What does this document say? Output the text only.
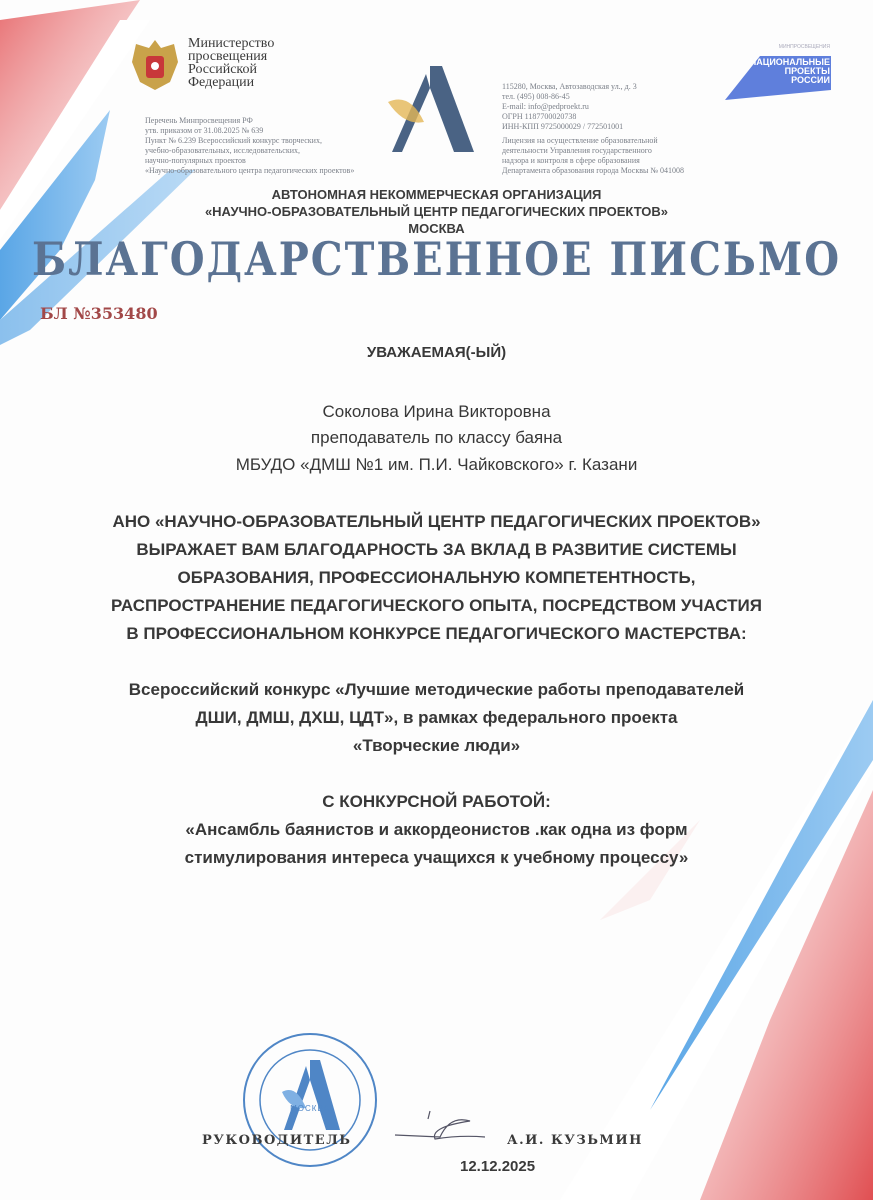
Министерство
просвещения
Российской
Федерации
Перечень Минпросвещения РФ
утв. приказом от 31.08.2025 № 639
Пункт № 6.239 Всероссийский конкурс творческих,
учебно-образовательных, исследовательских,
научно-популярных проектов
«Научно-образовательного центра педагогических проектов»
115280, Москва, Автозаводская ул., д. 3
тел. (495) 008-86-45
E-mail: info@pedproekt.ru
ОГРН 1187700020738
ИНН-КПП 9725000029 / 772501001
Лицензия на осуществление образовательной
деятельности Управления государственного
надзора и контроля в сфере образования
Департамента образования города Москвы № 041008
МИНПРОСВЕЩЕНИЯ
НАЦИОНАЛЬНЫЕ
ПРОЕКТЫ
РОССИИ
АВТОНОМНАЯ НЕКОММЕРЧЕСКАЯ ОРГАНИЗАЦИЯ
«НАУЧНО-ОБРАЗОВАТЕЛЬНЫЙ ЦЕНТР ПЕДАГОГИЧЕСКИХ ПРОЕКТОВ»
МОСКВА
БЛАГОДАРСТВЕННОЕ ПИСЬМО
БЛ №353480
УВАЖАЕМАЯ(-ЫЙ)
Соколова Ирина Викторовна
преподаватель по классу баяна
МБУДО «ДМШ №1 им. П.И. Чайковского» г. Казани
АНО «НАУЧНО-ОБРАЗОВАТЕЛЬНЫЙ ЦЕНТР ПЕДАГОГИЧЕСКИХ ПРОЕКТОВ»
ВЫРАЖАЕТ ВАМ БЛАГОДАРНОСТЬ ЗА ВКЛАД В РАЗВИТИЕ СИСТЕМЫ
ОБРАЗОВАНИЯ, ПРОФЕССИОНАЛЬНУЮ КОМПЕТЕНТНОСТЬ,
РАСПРОСТРАНЕНИЕ ПЕДАГОГИЧЕСКОГО ОПЫТА, ПОСРЕДСТВОМ УЧАСТИЯ
В ПРОФЕССИОНАЛЬНОМ КОНКУРСЕ ПЕДАГОГИЧЕСКОГО МАСТЕРСТВА:
Всероссийский конкурс «Лучшие методические работы преподавателей
ДШИ, ДМШ, ДХШ, ЦДТ», в рамках федерального проекта
«Творческие люди»
С КОНКУРСНОЙ РАБОТОЙ:
«Ансамбль баянистов и аккордеонистов .как одна из форм
стимулирования интереса учащихся к учебному процессу»
МОСКВА
РУКОВОДИТЕЛЬ	А.И. КУЗЬМИН
12.12.2025
